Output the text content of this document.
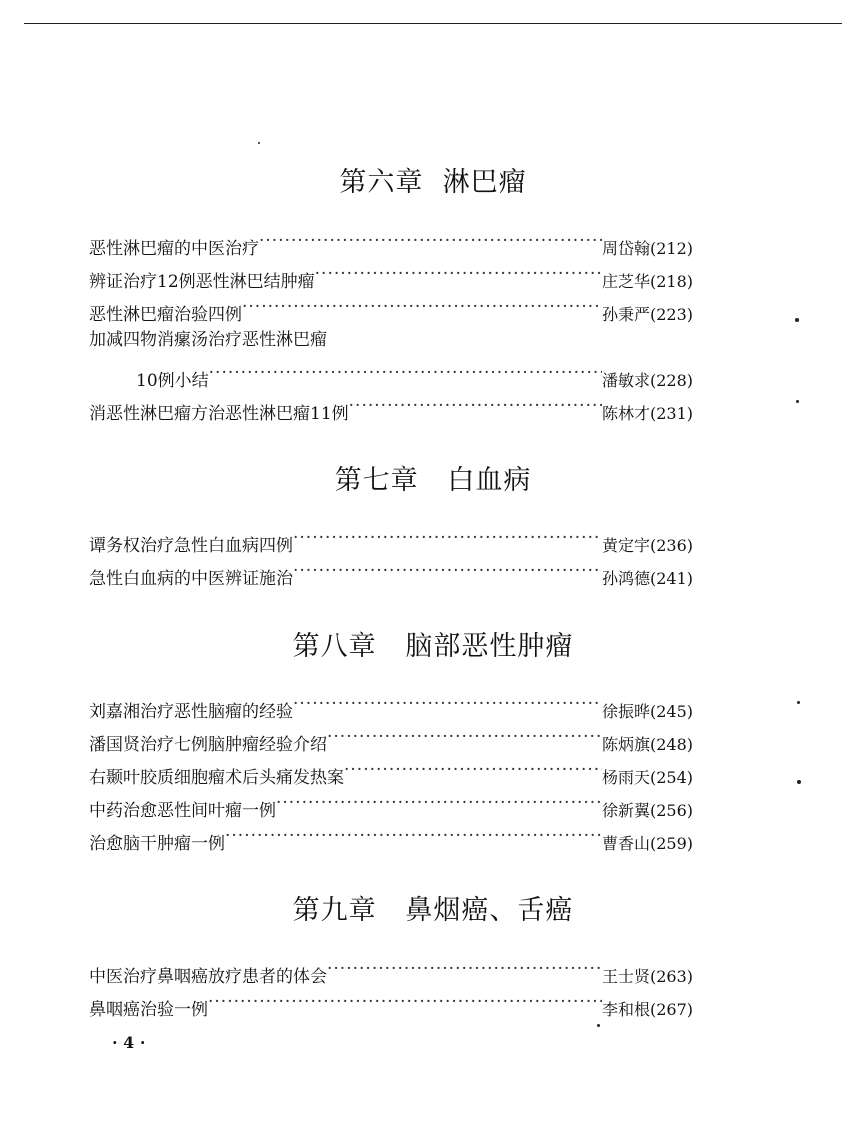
第六章  淋巴瘤
恶性淋巴瘤的中医治疗 ·····	周岱翰 (212)
辨证治疗12例恶性淋巴结肿瘤 ·····	庄芝华 (218)
恶性淋巴瘤治验四例 ·····	孙秉严 (223)
加减四物消瘰汤治疗恶性淋巴瘤
10例小结 ·····	潘敏求 (228)
消恶性淋巴瘤方治恶性淋巴瘤11例 ·····	陈林才 (231)
第七章   白血病
谭务权治疗急性白血病四例 ·····	黄定宇 (236)
急性白血病的中医辨证施治 ·····	孙鸿德 (241)
第八章   脑部恶性肿瘤
刘嘉湘治疗恶性脑瘤的经验 ·····	徐振晔 (245)
潘国贤治疗七例脑肿瘤经验介绍 ·····	陈炳旗 (248)
右颞叶胶质细胞瘤术后头痛发热案 ·····	杨雨天 (254)
中药治愈恶性间叶瘤一例 ·····	徐新翼 (256)
治愈脑干肿瘤一例 ·····	曹香山 (259)
第九章   鼻烟癌、舌癌
中医治疗鼻咽癌放疗患者的体会 ·····	王士贤 (263)
鼻咽癌治验一例 ·····	李和根 (267)
· 4 ·
